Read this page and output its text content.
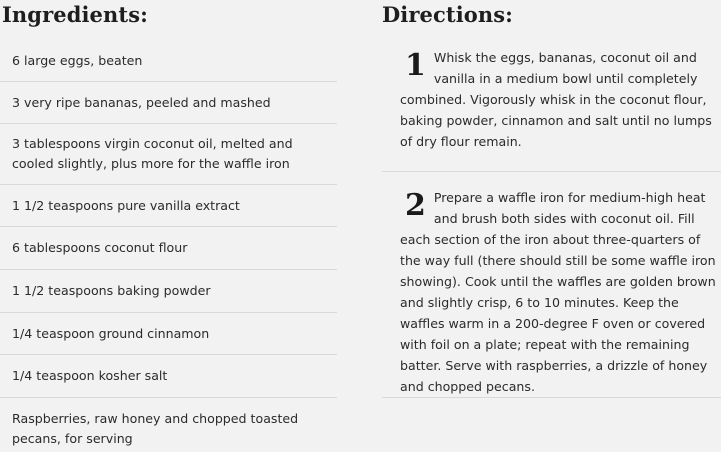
Ingredients:	Directions:
6 large eggs, beaten
3 very ripe bananas, peeled and mashed
3 tablespoons virgin coconut oil, melted and cooled slightly, plus more for the waffle iron
1 1/2 teaspoons pure vanilla extract
6 tablespoons coconut flour
1 1/2 teaspoons baking powder
1/4 teaspoon ground cinnamon
1/4 teaspoon kosher salt
Raspberries, raw honey and chopped toasted pecans, for serving
1 Whisk the eggs, bananas, coconut oil and vanilla in a medium bowl until completely combined. Vigorously whisk in the coconut flour, baking powder, cinnamon and salt until no lumps of dry flour remain.
2 Prepare a waffle iron for medium-high heat and brush both sides with coconut oil. Fill each section of the iron about three-quarters of the way full (there should still be some waffle iron showing). Cook until the waffles are golden brown and slightly crisp, 6 to 10 minutes. Keep the waffles warm in a 200-degree F oven or covered with foil on a plate; repeat with the remaining batter. Serve with raspberries, a drizzle of honey and chopped pecans.
